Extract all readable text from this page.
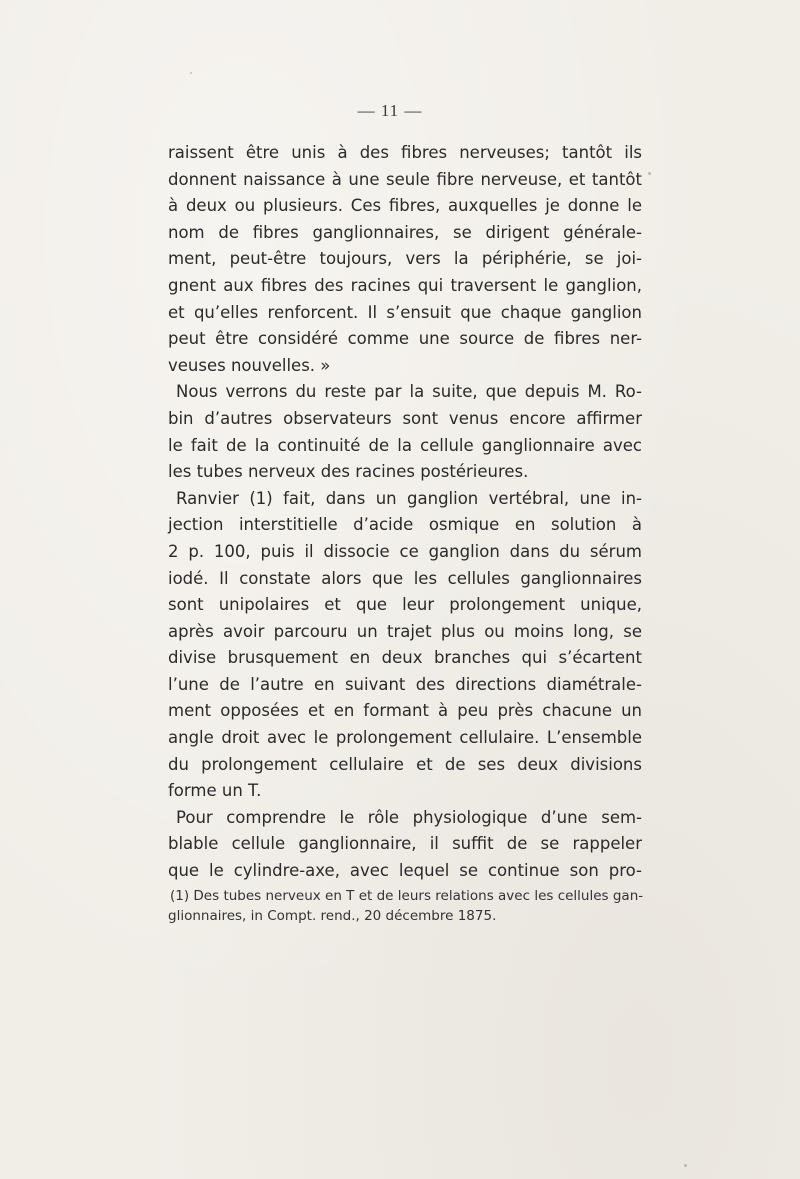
— 11 —
raissent être unis à des fibres nerveuses; tantôt ils
donnent naissance à une seule fibre nerveuse, et tantôt
à deux ou plusieurs. Ces fibres, auxquelles je donne le
nom de fibres ganglionnaires, se dirigent générale-
ment, peut-être toujours, vers la périphérie, se joi-
gnent aux fibres des racines qui traversent le ganglion,
et qu’elles renforcent. Il s’ensuit que chaque ganglion
peut être considéré comme une source de fibres ner-
veuses nouvelles. »
Nous verrons du reste par la suite, que depuis M. Ro-
bin d’autres observateurs sont venus encore affirmer
le fait de la continuité de la cellule ganglionnaire avec
les tubes nerveux des racines postérieures.
Ranvier (1) fait, dans un ganglion vertébral, une in-
jection interstitielle d’acide osmique en solution à
2 p. 100, puis il dissocie ce ganglion dans du sérum
iodé. Il constate alors que les cellules ganglionnaires
sont unipolaires et que leur prolongement unique,
après avoir parcouru un trajet plus ou moins long, se
divise brusquement en deux branches qui s’écartent
l’une de l’autre en suivant des directions diamétrale-
ment opposées et en formant à peu près chacune un
angle droit avec le prolongement cellulaire. L’ensemble
du prolongement cellulaire et de ses deux divisions
forme un T.
Pour comprendre le rôle physiologique d’une sem-
blable cellule ganglionnaire, il suffit de se rappeler
que le cylindre-axe, avec lequel se continue son pro-
(1) Des tubes nerveux en T et de leurs relations avec les cellules gan-
glionnaires, in Compt. rend., 20 décembre 1875.
